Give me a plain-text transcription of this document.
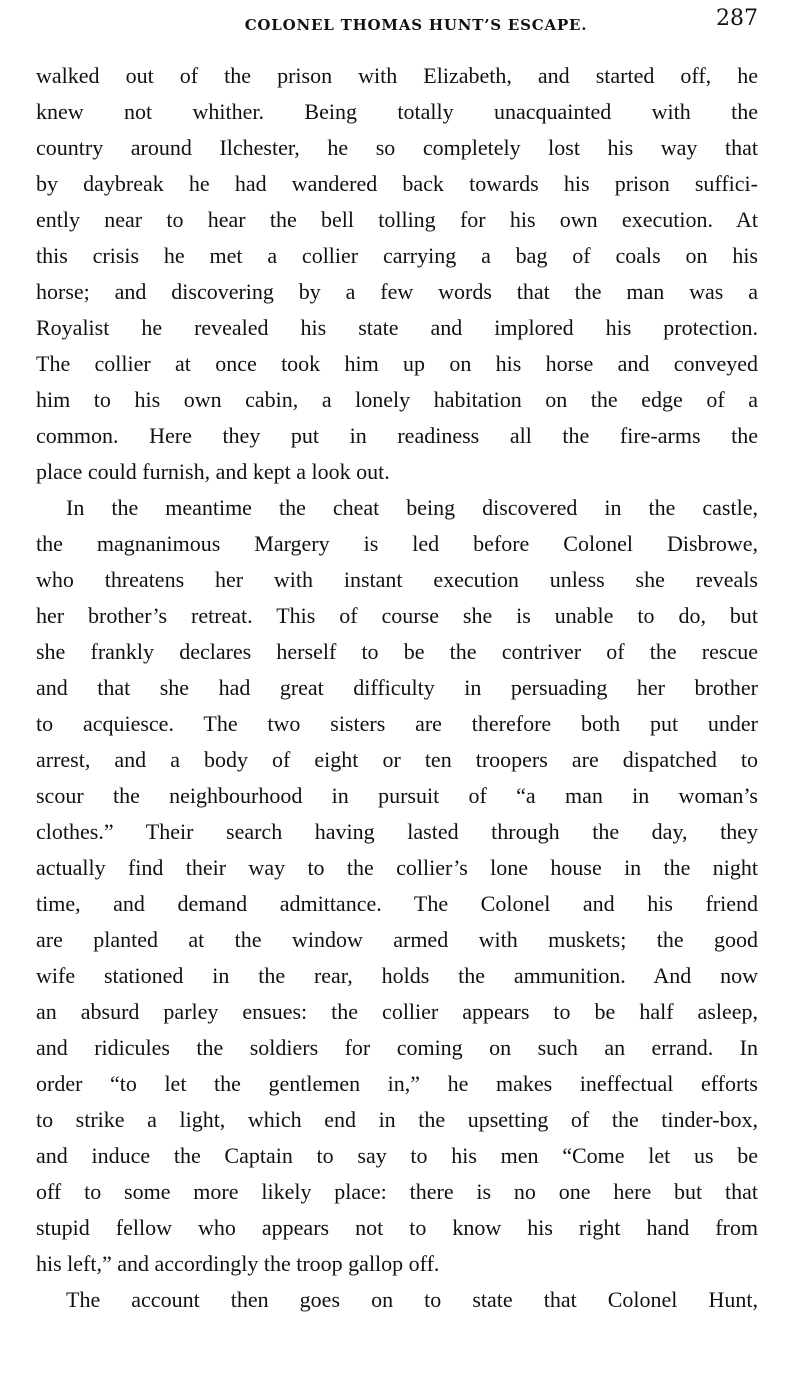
COLONEL THOMAS HUNT’S ESCAPE.	287
walked out of the prison with Elizabeth, and started off, he
knew not whither. Being totally unacquainted with the
country around Ilchester, he so completely lost his way that
by daybreak he had wandered back towards his prison suffici-
ently near to hear the bell tolling for his own execution. At
this crisis he met a collier carrying a bag of coals on his
horse; and discovering by a few words that the man was a
Royalist he revealed his state and implored his protection.
The collier at once took him up on his horse and conveyed
him to his own cabin, a lonely habitation on the edge of a
common. Here they put in readiness all the fire-arms the
place could furnish, and kept a look out.
In the meantime the cheat being discovered in the castle,
the magnanimous Margery is led before Colonel Disbrowe,
who threatens her with instant execution unless she reveals
her brother’s retreat. This of course she is unable to do, but
she frankly declares herself to be the contriver of the rescue
and that she had great difficulty in persuading her brother
to acquiesce. The two sisters are therefore both put under
arrest, and a body of eight or ten troopers are dispatched to
scour the neighbourhood in pursuit of “a man in woman’s
clothes.” Their search having lasted through the day, they
actually find their way to the collier’s lone house in the night
time, and demand admittance. The Colonel and his friend
are planted at the window armed with muskets; the good
wife stationed in the rear, holds the ammunition. And now
an absurd parley ensues: the collier appears to be half asleep,
and ridicules the soldiers for coming on such an errand. In
order “to let the gentlemen in,” he makes ineffectual efforts
to strike a light, which end in the upsetting of the tinder-box,
and induce the Captain to say to his men “Come let us be
off to some more likely place: there is no one here but that
stupid fellow who appears not to know his right hand from
his left,” and accordingly the troop gallop off.
The account then goes on to state that Colonel Hunt,
